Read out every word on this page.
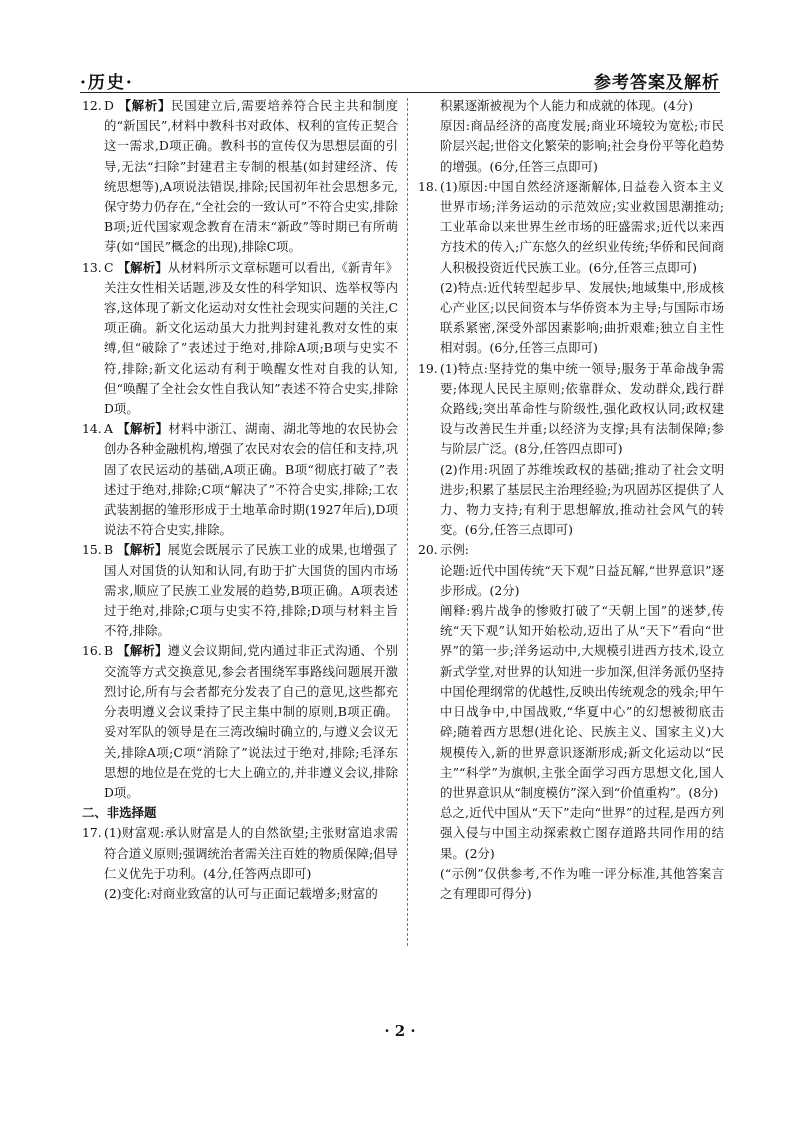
·历史·	参考答案及解析
12. D 【解析】民国建立后,需要培养符合民主共和制度的“新国民”,材料中教科书对政体、权利的宣传正契合这一需求,D项正确。教科书的宣传仅为思想层面的引导,无法“扫除”封建君主专制的根基(如封建经济、传统思想等),A项说法错误,排除;民国初年社会思想多元,保守势力仍存在,“全社会的一致认可”不符合史实,排除B项;近代国家观念教育在清末“新政”等时期已有所萌芽(如“国民”概念的出现),排除C项。

13. C 【解析】从材料所示文章标题可以看出,《新青年》关注女性相关话题,涉及女性的科学知识、选举权等内容,这体现了新文化运动对女性社会现实问题的关注,C项正确。新文化运动虽大力批判封建礼教对女性的束缚,但“破除了”表述过于绝对,排除A项;B项与史实不符,排除;新文化运动有利于唤醒女性对自我的认知,但“唤醒了全社会女性自我认知”表述不符合史实,排除D项。

14. A 【解析】材料中浙江、湖南、湖北等地的农民协会创办各种金融机构,增强了农民对农会的信任和支持,巩固了农民运动的基础,A项正确。B项“彻底打破了”表述过于绝对,排除;C项“解决了”不符合史实,排除;工农武装割据的雏形形成于土地革命时期(1927年后),D项说法不符合史实,排除。

15. B 【解析】展览会既展示了民族工业的成果,也增强了国人对国货的认知和认同,有助于扩大国货的国内市场需求,顺应了民族工业发展的趋势,B项正确。A项表述过于绝对,排除;C项与史实不符,排除;D项与材料主旨不符,排除。

16. B 【解析】遵义会议期间,党内通过非正式沟通、个别交流等方式交换意见,参会者围绕军事路线问题展开激烈讨论,所有与会者都充分发表了自己的意见,这些都充分表明遵义会议秉持了民主集中制的原则,B项正确。妥对军队的领导是在三湾改编时确立的,与遵义会议无关,排除A项;C项“消除了”说法过于绝对,排除;毛泽东思想的地位是在党的七大上确立的,并非遵义会议,排除D项。

二、非选择题

17. (1)财富观:承认财富是人的自然欲望;主张财富追求需符合道义原则;强调统治者需关注百姓的物质保障;倡导仁义优先于功利。(4分,任答两点即可)

(2)变化:对商业致富的认可与正面记载增多;财富的

积累逐渐被视为个人能力和成就的体现。(4分)

原因:商品经济的高度发展;商业环境较为宽松;市民阶层兴起;世俗文化繁荣的影响;社会身份平等化趋势的增强。(6分,任答三点即可)

18. (1)原因:中国自然经济逐渐解体,日益卷入资本主义世界市场;洋务运动的示范效应;实业救国思潮推动;工业革命以来世界生丝市场的旺盛需求;近代以来西方技术的传入;广东悠久的丝织业传统;华侨和民间商人积极投资近代民族工业。(6分,任答三点即可)

(2)特点:近代转型起步早、发展快;地域集中,形成核心产业区;以民间资本与华侨资本为主导;与国际市场联系紧密,深受外部因素影响;曲折艰难;独立自主性相对弱。(6分,任答三点即可)

19. (1)特点:坚持党的集中统一领导;服务于革命战争需要;体现人民民主原则;依靠群众、发动群众,践行群众路线;突出革命性与阶级性,强化政权认同;政权建设与改善民生并重;以经济为支撑;具有法制保障;参与阶层广泛。(8分,任答四点即可)

(2)作用:巩固了苏维埃政权的基础;推动了社会文明进步;积累了基层民主治理经验;为巩固苏区提供了人力、物力支持;有利于思想解放,推动社会风气的转变。(6分,任答三点即可)

20. 示例:

论题:近代中国传统“天下观”日益瓦解,“世界意识”逐步形成。(2分)

阐释:鸦片战争的惨败打破了“天朝上国”的迷梦,传统“天下观”认知开始松动,迈出了从“天下”看向“世界”的第一步;洋务运动中,大规模引进西方技术,设立新式学堂,对世界的认知进一步加深,但洋务派仍坚持中国伦理纲常的优越性,反映出传统观念的残余;甲午中日战争中,中国战败,“华夏中心”的幻想被彻底击碎;随着西方思想(进化论、民族主义、国家主义)大规模传入,新的世界意识逐渐形成;新文化运动以“民主”“科学”为旗帜,主张全面学习西方思想文化,国人的世界意识从“制度模仿”深入到“价值重构”。(8分)

总之,近代中国从“天下”走向“世界”的过程,是西方列强入侵与中国主动探索救亡图存道路共同作用的结果。(2分)

(“示例”仅供参考,不作为唯一评分标准,其他答案言之有理即可得分)

· 2 ·
